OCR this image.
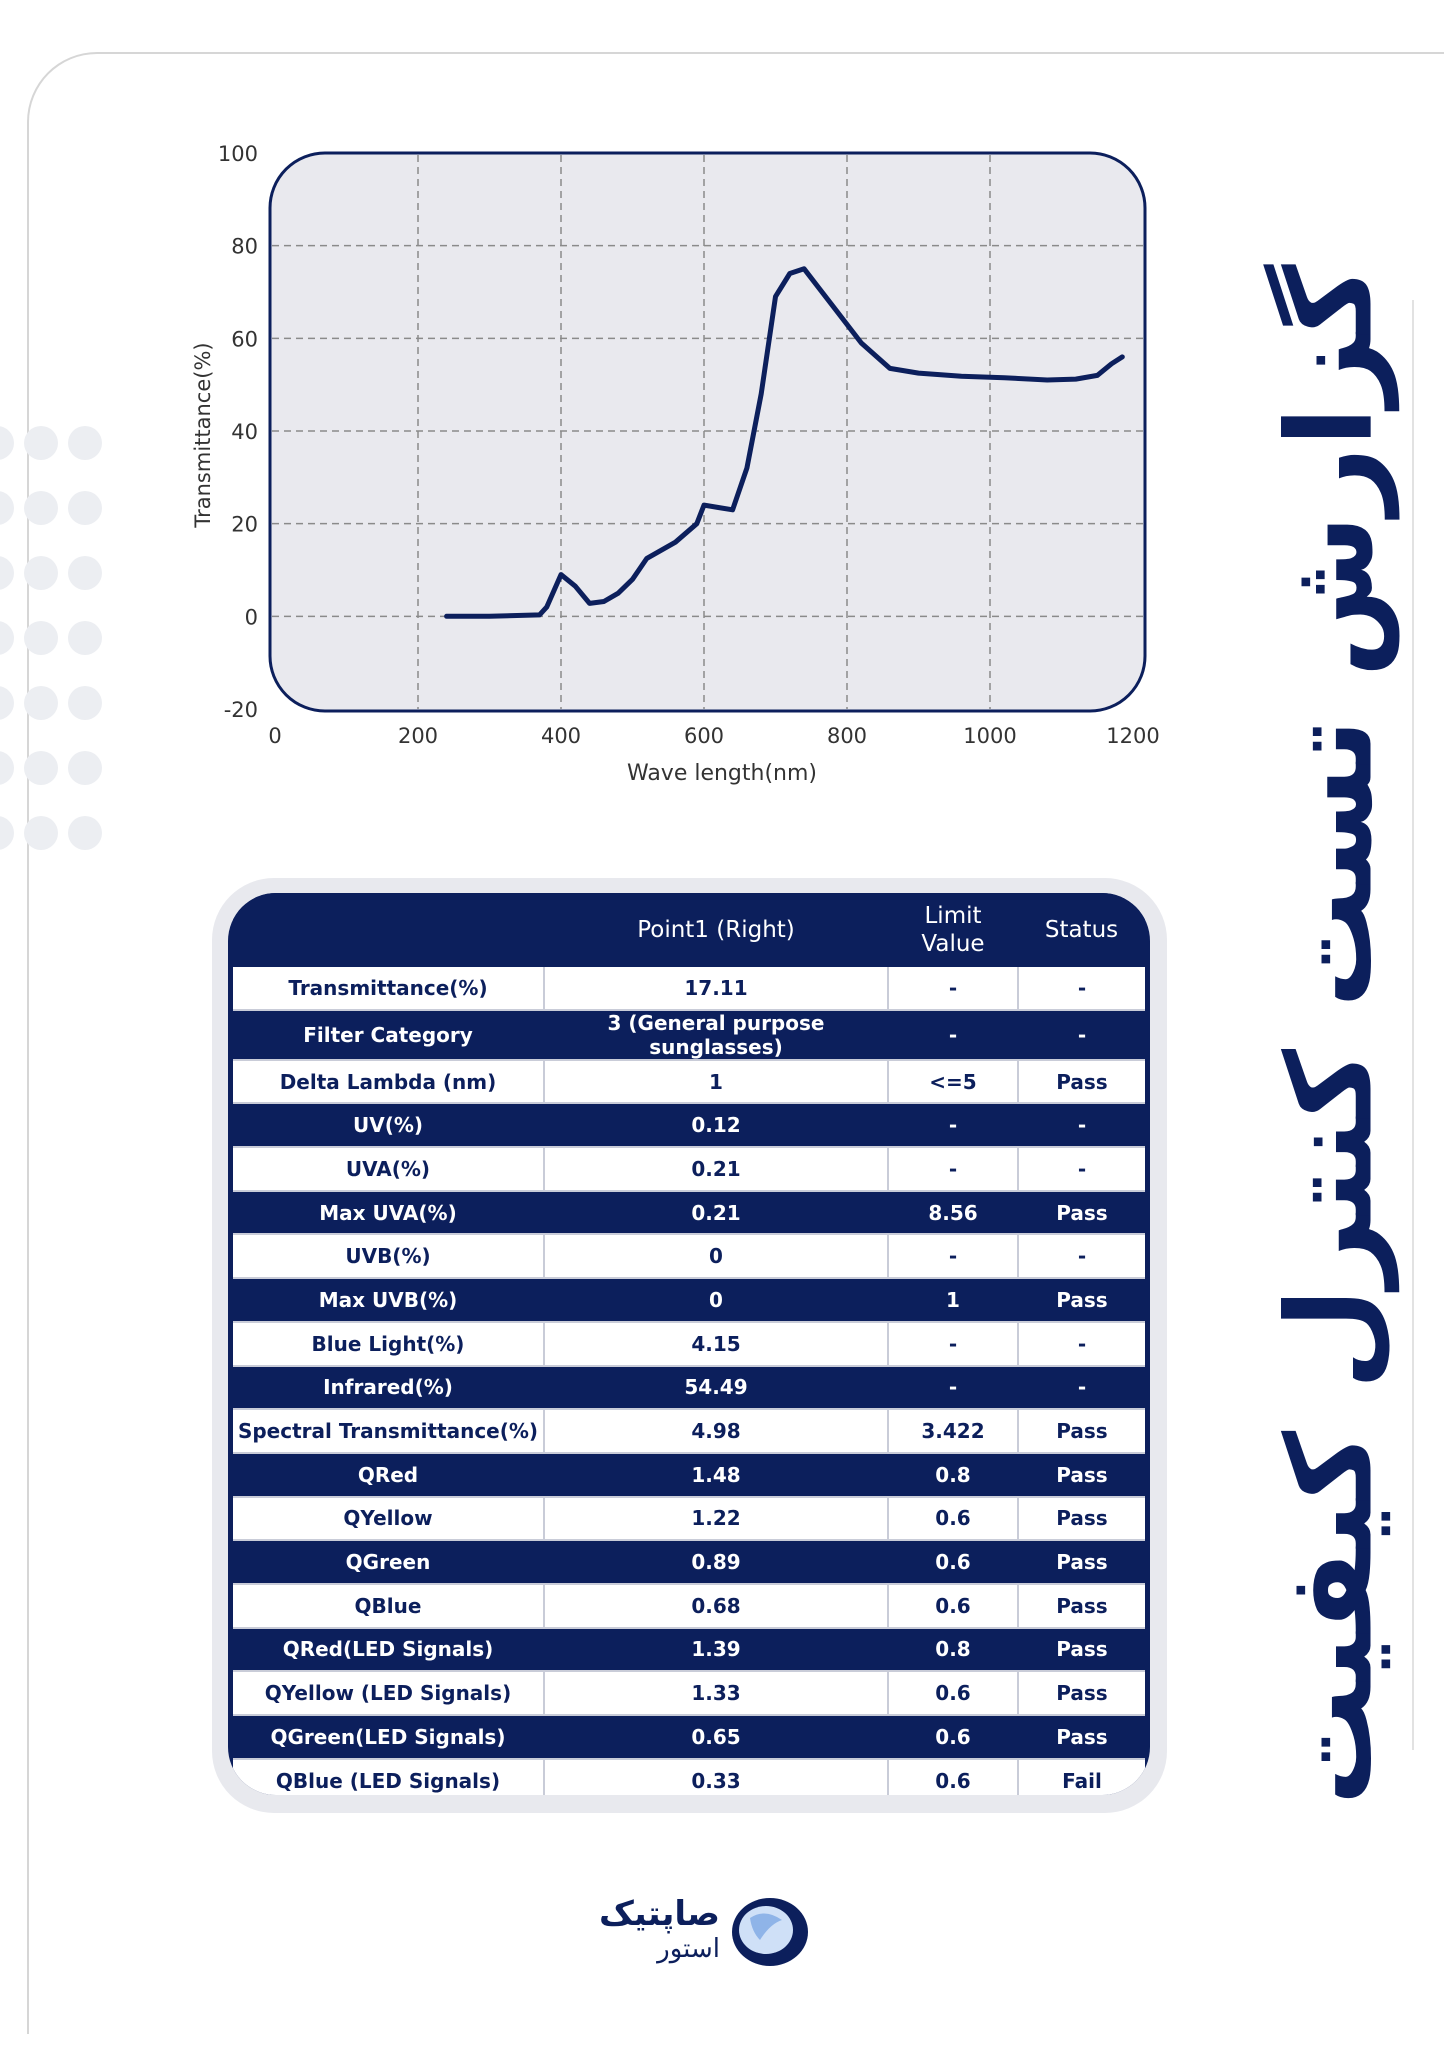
-20
0
20
40
60
80
100
0	200	400	600	800	1000	1200
Wave length(nm)
Transmittance(%)	گزارش تست کنترل کیفیت
	Point1 (Right)	Limit Value	Status
Transmittance(%)	17.11	-	-
Filter Category	3 (General purpose sunglasses)	-	-
Delta Lambda (nm)	1	<=5	Pass
UV(%)	0.12	-	-
UVA(%)	0.21	-	-
Max UVA(%)	0.21	8.56	Pass
UVB(%)	0	-	-
Max UVB(%)	0	1	Pass
Blue Light(%)	4.15	-	-
Infrared(%)	54.49	-	-
Spectral Transmittance(%)	4.98	3.422	Pass
QRed	1.48	0.8	Pass
QYellow	1.22	0.6	Pass
QGreen	0.89	0.6	Pass
QBlue	0.68	0.6	Pass
QRed(LED Signals)	1.39	0.8	Pass
QYellow (LED Signals)	1.33	0.6	Pass
QGreen(LED Signals)	0.65	0.6	Pass
QBlue (LED Signals)	0.33	0.6	Fail
صاپتیک
استور
